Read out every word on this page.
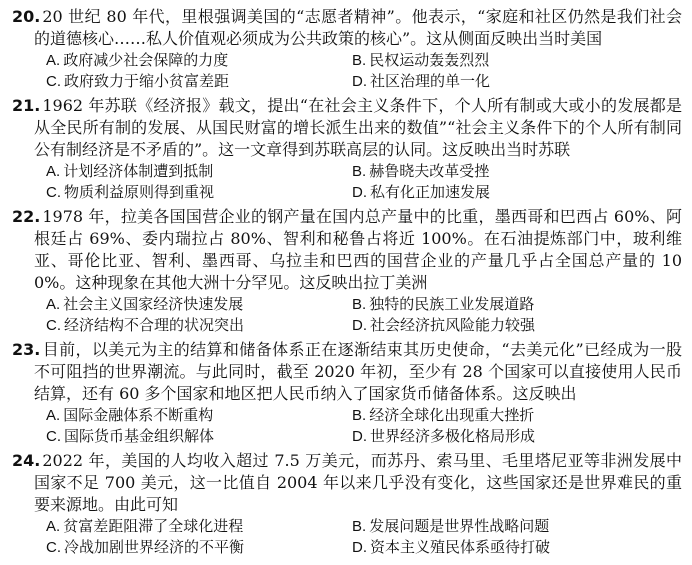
20. 20 世纪 80 年代，里根强调美国的“志愿者精神”。他表示，“家庭和社区仍然是我们社会的道德核心……私人价值观必须成为公共政策的核心”。这从侧面反映出当时美国
A. 政府减少社会保障的力度	B. 民权运动轰轰烈烈
C. 政府致力于缩小贫富差距	D. 社区治理的单一化
21. 1962 年苏联《经济报》载文，提出“在社会主义条件下，个人所有制或大或小的发展都是从全民所有制的发展、从国民财富的增长派生出来的数值”“社会主义条件下的个人所有制同公有制经济是不矛盾的”。这一文章得到苏联高层的认同。这反映出当时苏联
A. 计划经济体制遭到抵制	B. 赫鲁晓夫改革受挫
C. 物质利益原则得到重视	D. 私有化正加速发展
22. 1978 年，拉美各国国营企业的钢产量在国内总产量中的比重，墨西哥和巴西占 60%、阿根廷占 69%、委内瑞拉占 80%、智利和秘鲁占将近 100%。在石油提炼部门中，玻利维亚、哥伦比亚、智利、墨西哥、乌拉圭和巴西的国营企业的产量几乎占全国总产量的 100%。这种现象在其他大洲十分罕见。这反映出拉丁美洲
A. 社会主义国家经济快速发展	B. 独特的民族工业发展道路
C. 经济结构不合理的状况突出	D. 社会经济抗风险能力较强
23. 目前，以美元为主的结算和储备体系正在逐渐结束其历史使命，“去美元化”已经成为一股不可阻挡的世界潮流。与此同时，截至 2020 年初，至少有 28 个国家可以直接使用人民币结算，还有 60 多个国家和地区把人民币纳入了国家货币储备体系。这反映出
A. 国际金融体系不断重构	B. 经济全球化出现重大挫折
C. 国际货币基金组织解体	D. 世界经济多极化格局形成
24. 2022 年，美国的人均收入超过 7.5 万美元，而苏丹、索马里、毛里塔尼亚等非洲发展中国家不足 700 美元，这一比值自 2004 年以来几乎没有变化，这些国家还是世界难民的重要来源地。由此可知
A. 贫富差距阻滞了全球化进程	B. 发展问题是世界性战略问题
C. 冷战加剧世界经济的不平衡	D. 资本主义殖民体系亟待打破
